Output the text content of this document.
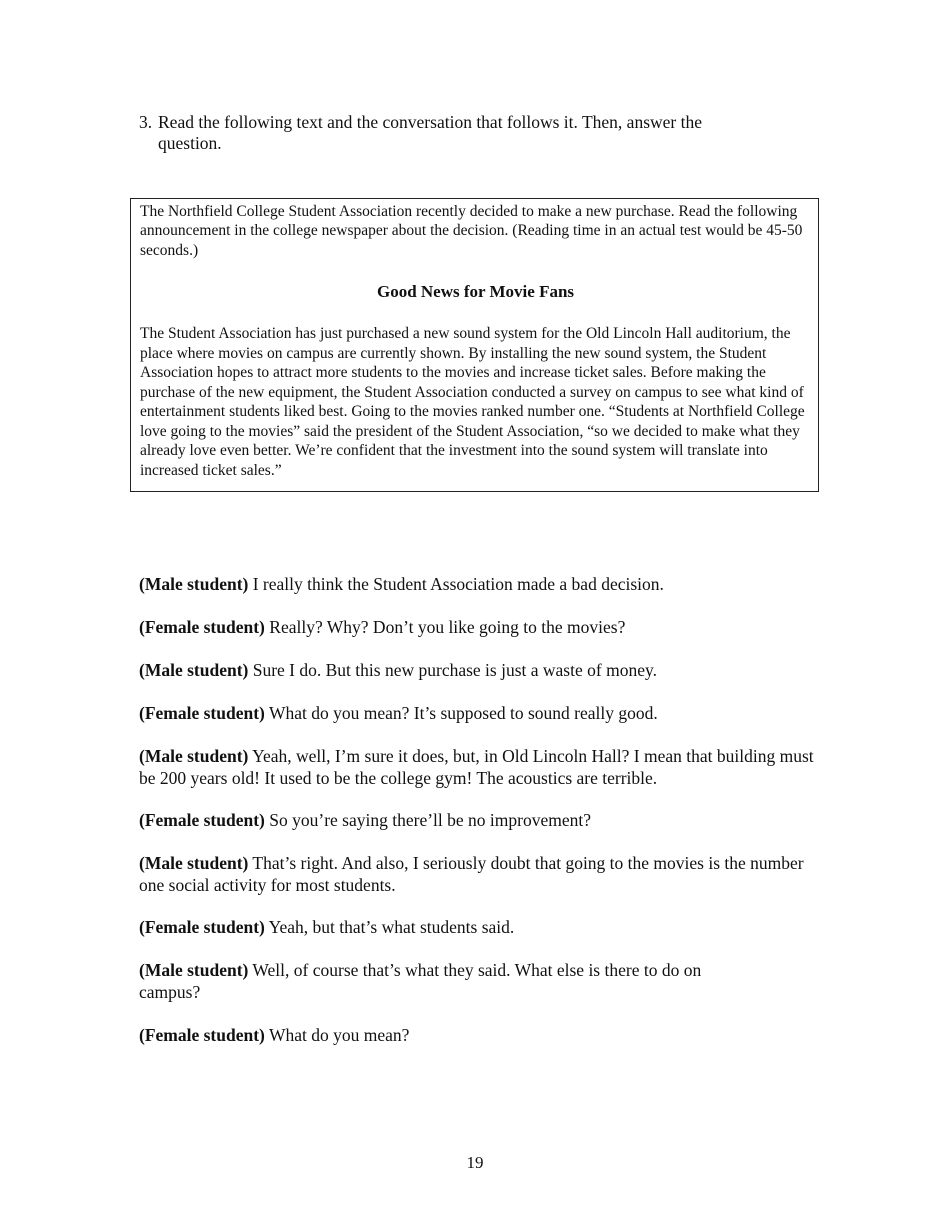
3. Read the following text and the conversation that follows it. Then, answer the question.
The Northfield College Student Association recently decided to make a new purchase. Read the following announcement in the college newspaper about the decision. (Reading time in an actual test would be 45-50 seconds.)
Good News for Movie Fans
The Student Association has just purchased a new sound system for the Old Lincoln Hall auditorium, the place where movies on campus are currently shown. By installing the new sound system, the Student Association hopes to attract more students to the movies and increase ticket sales. Before making the purchase of the new equipment, the Student Association conducted a survey on campus to see what kind of entertainment students liked best. Going to the movies ranked number one. “Students at Northfield College love going to the movies” said the president of the Student Association, “so we decided to make what they already love even better. We’re confident that the investment into the sound system will translate into increased ticket sales.”

(Male student) I really think the Student Association made a bad decision.

(Female student) Really? Why? Don’t you like going to the movies?

(Male student) Sure I do. But this new purchase is just a waste of money.

(Female student) What do you mean? It’s supposed to sound really good.

(Male student) Yeah, well, I’m sure it does, but, in Old Lincoln Hall? I mean that building must be 200 years old! It used to be the college gym! The acoustics are terrible.

(Female student) So you’re saying there’ll be no improvement?

(Male student) That’s right. And also, I seriously doubt that going to the movies is the number one social activity for most students.

(Female student) Yeah, but that’s what students said.

(Male student) Well, of course that’s what they said. What else is there to do on campus?

(Female student) What do you mean?

19
